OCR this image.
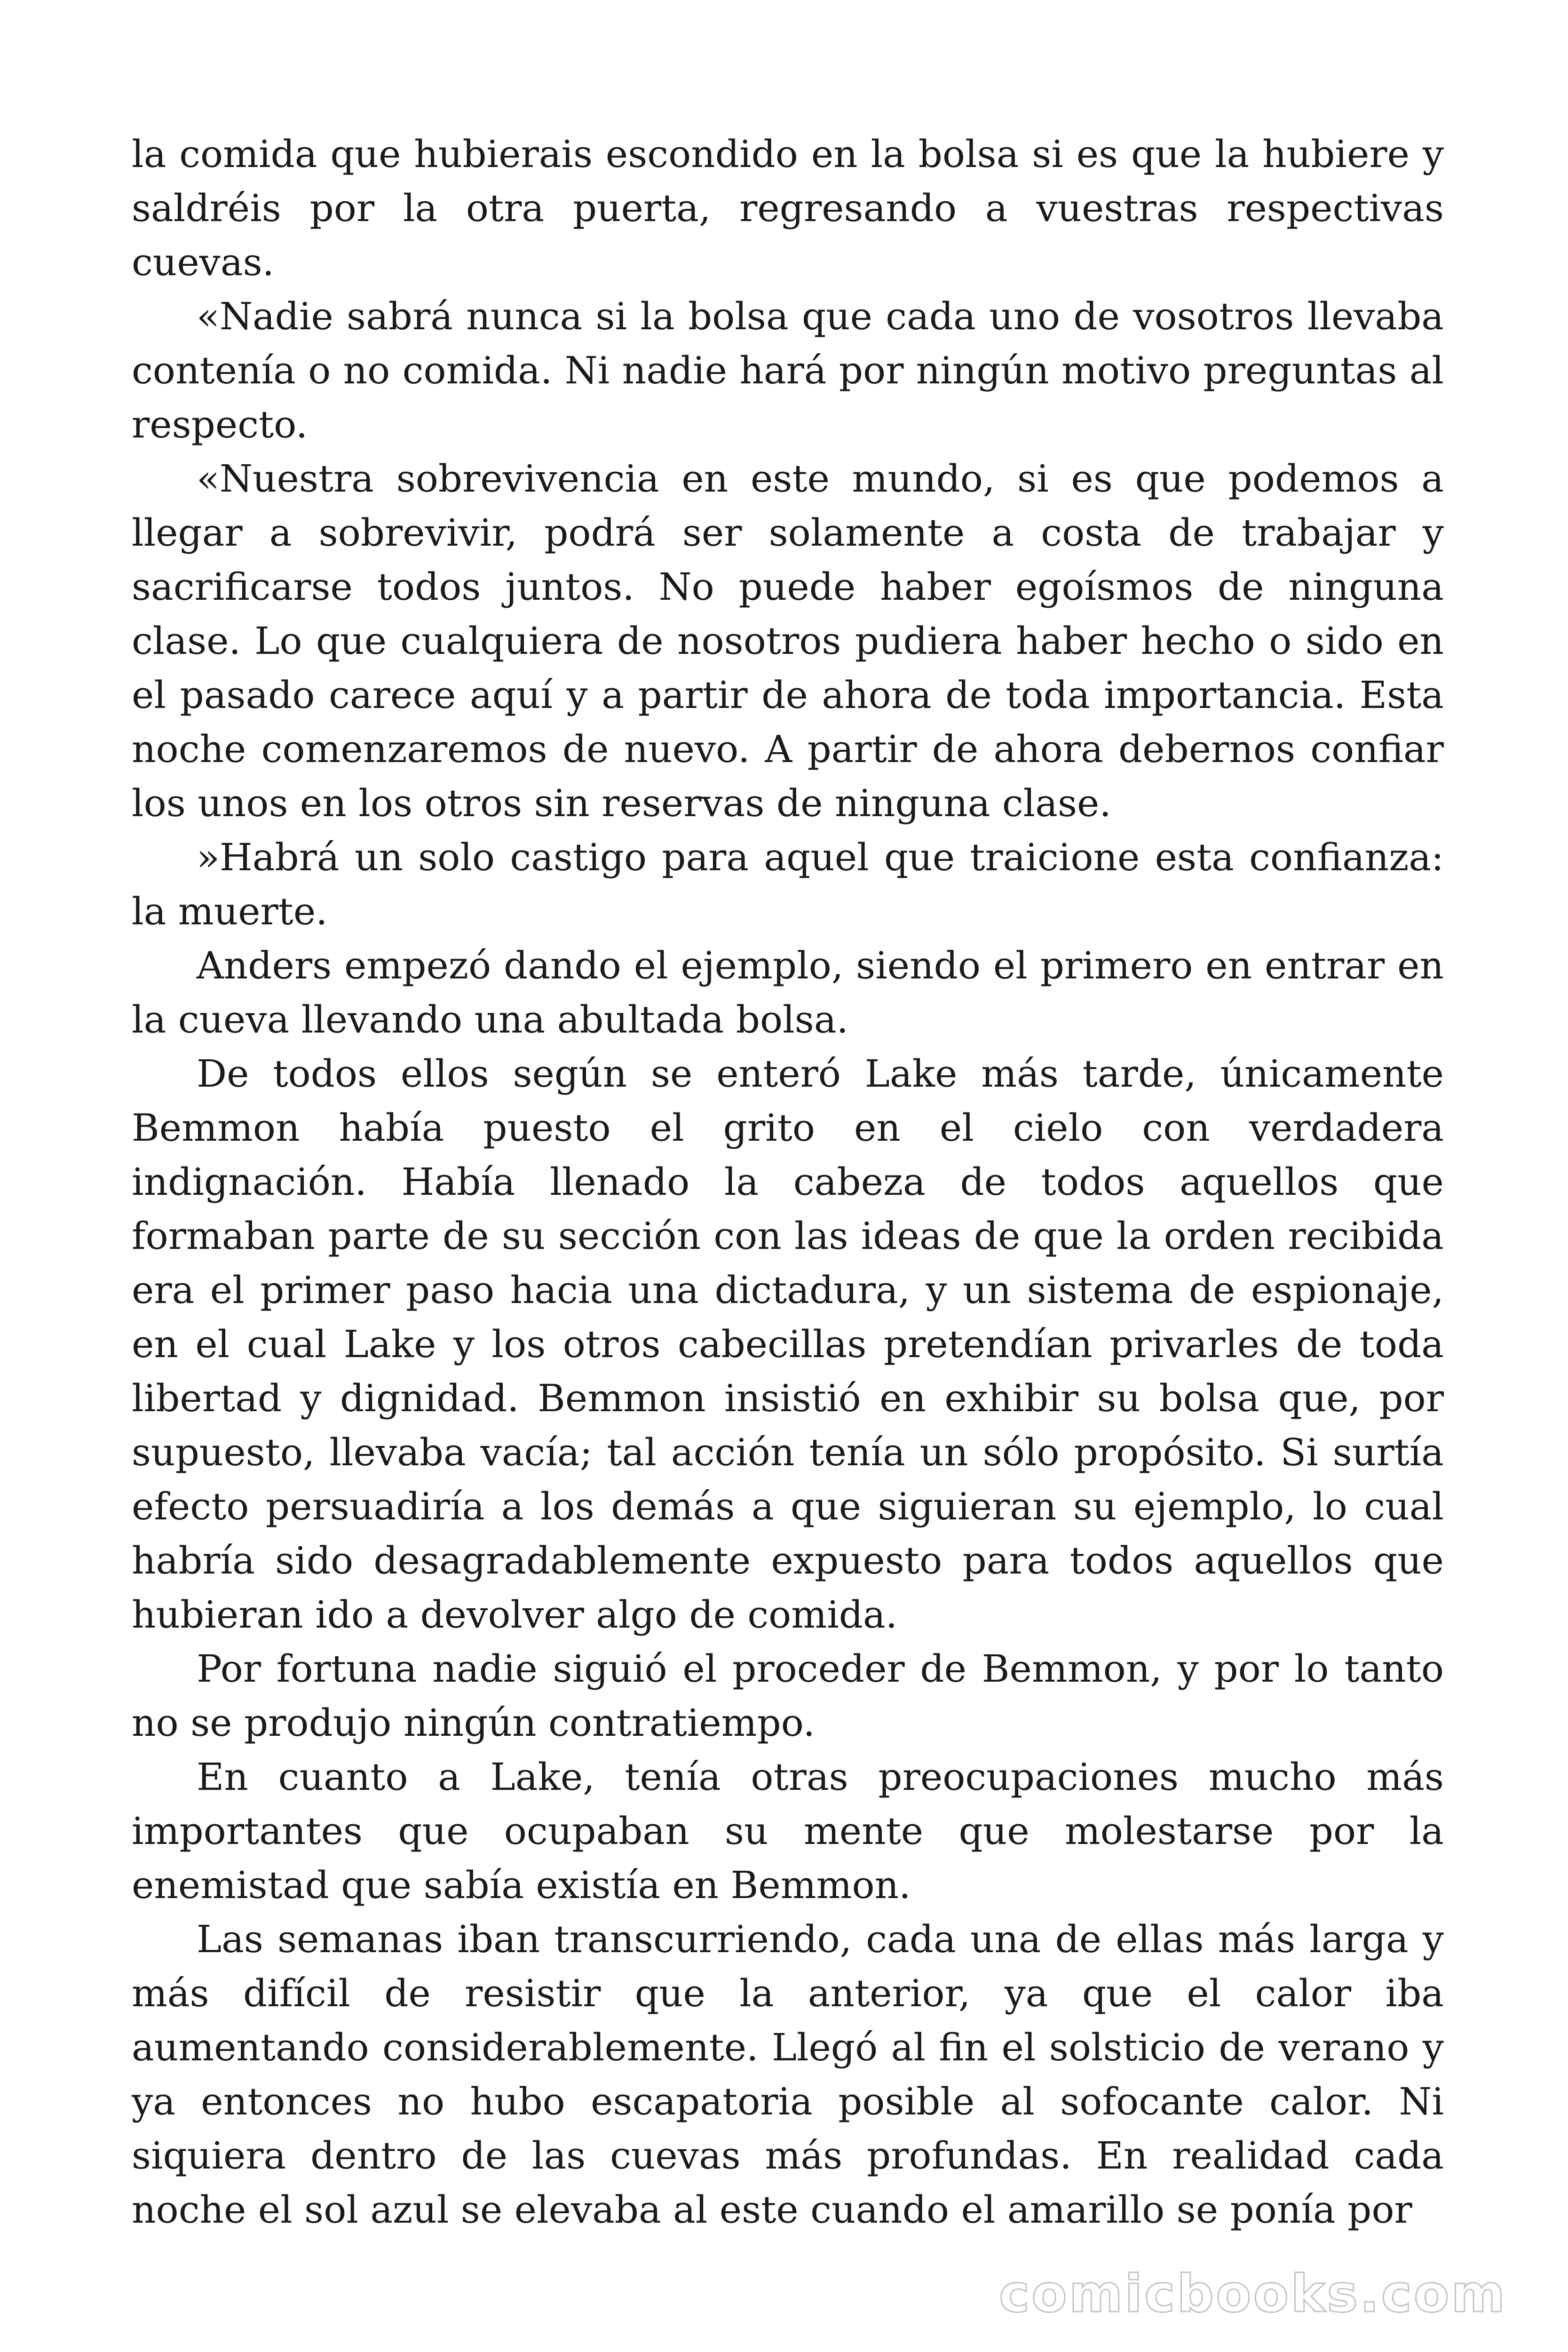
la comida que hubierais escondido en la bolsa si es que la hubiere y saldréis por la otra puerta, regresando a vuestras respectivas cuevas.

«Nadie sabrá nunca si la bolsa que cada uno de vosotros llevaba contenía o no comida. Ni nadie hará por ningún motivo preguntas al respecto.

«Nuestra sobrevivencia en este mundo, si es que podemos a llegar a sobrevivir, podrá ser solamente a costa de trabajar y sacrificarse todos juntos. No puede haber egoísmos de ninguna clase. Lo que cualquiera de nosotros pudiera haber hecho o sido en el pasado carece aquí y a partir de ahora de toda importancia. Esta noche comenzaremos de nuevo. A partir de ahora debernos confiar los unos en los otros sin reservas de ninguna clase.

»Habrá un solo castigo para aquel que traicione esta confianza: la muerte.

Anders empezó dando el ejemplo, siendo el primero en entrar en la cueva llevando una abultada bolsa.

De todos ellos según se enteró Lake más tarde, únicamente Bemmon había puesto el grito en el cielo con verdadera indignación. Había llenado la cabeza de todos aquellos que formaban parte de su sección con las ideas de que la orden recibida era el primer paso hacia una dictadura, y un sistema de espionaje, en el cual Lake y los otros cabecillas pretendían privarles de toda libertad y dignidad. Bemmon insistió en exhibir su bolsa que, por supuesto, llevaba vacía; tal acción tenía un sólo propósito. Si surtía efecto persuadiría a los demás a que siguieran su ejemplo, lo cual habría sido desagradablemente expuesto para todos aquellos que hubieran ido a devolver algo de comida.

Por fortuna nadie siguió el proceder de Bemmon, y por lo tanto no se produjo ningún contratiempo.

En cuanto a Lake, tenía otras preocupaciones mucho más importantes que ocupaban su mente que molestarse por la enemistad que sabía existía en Bemmon.

Las semanas iban transcurriendo, cada una de ellas más larga y más difícil de resistir que la anterior, ya que el calor iba aumentando considerablemente. Llegó al fin el solsticio de verano y ya entonces no hubo escapatoria posible al sofocante calor. Ni siquiera dentro de las cuevas más profundas. En realidad cada noche el sol azul se elevaba al este cuando el amarillo se ponía por

comicbooks.com
